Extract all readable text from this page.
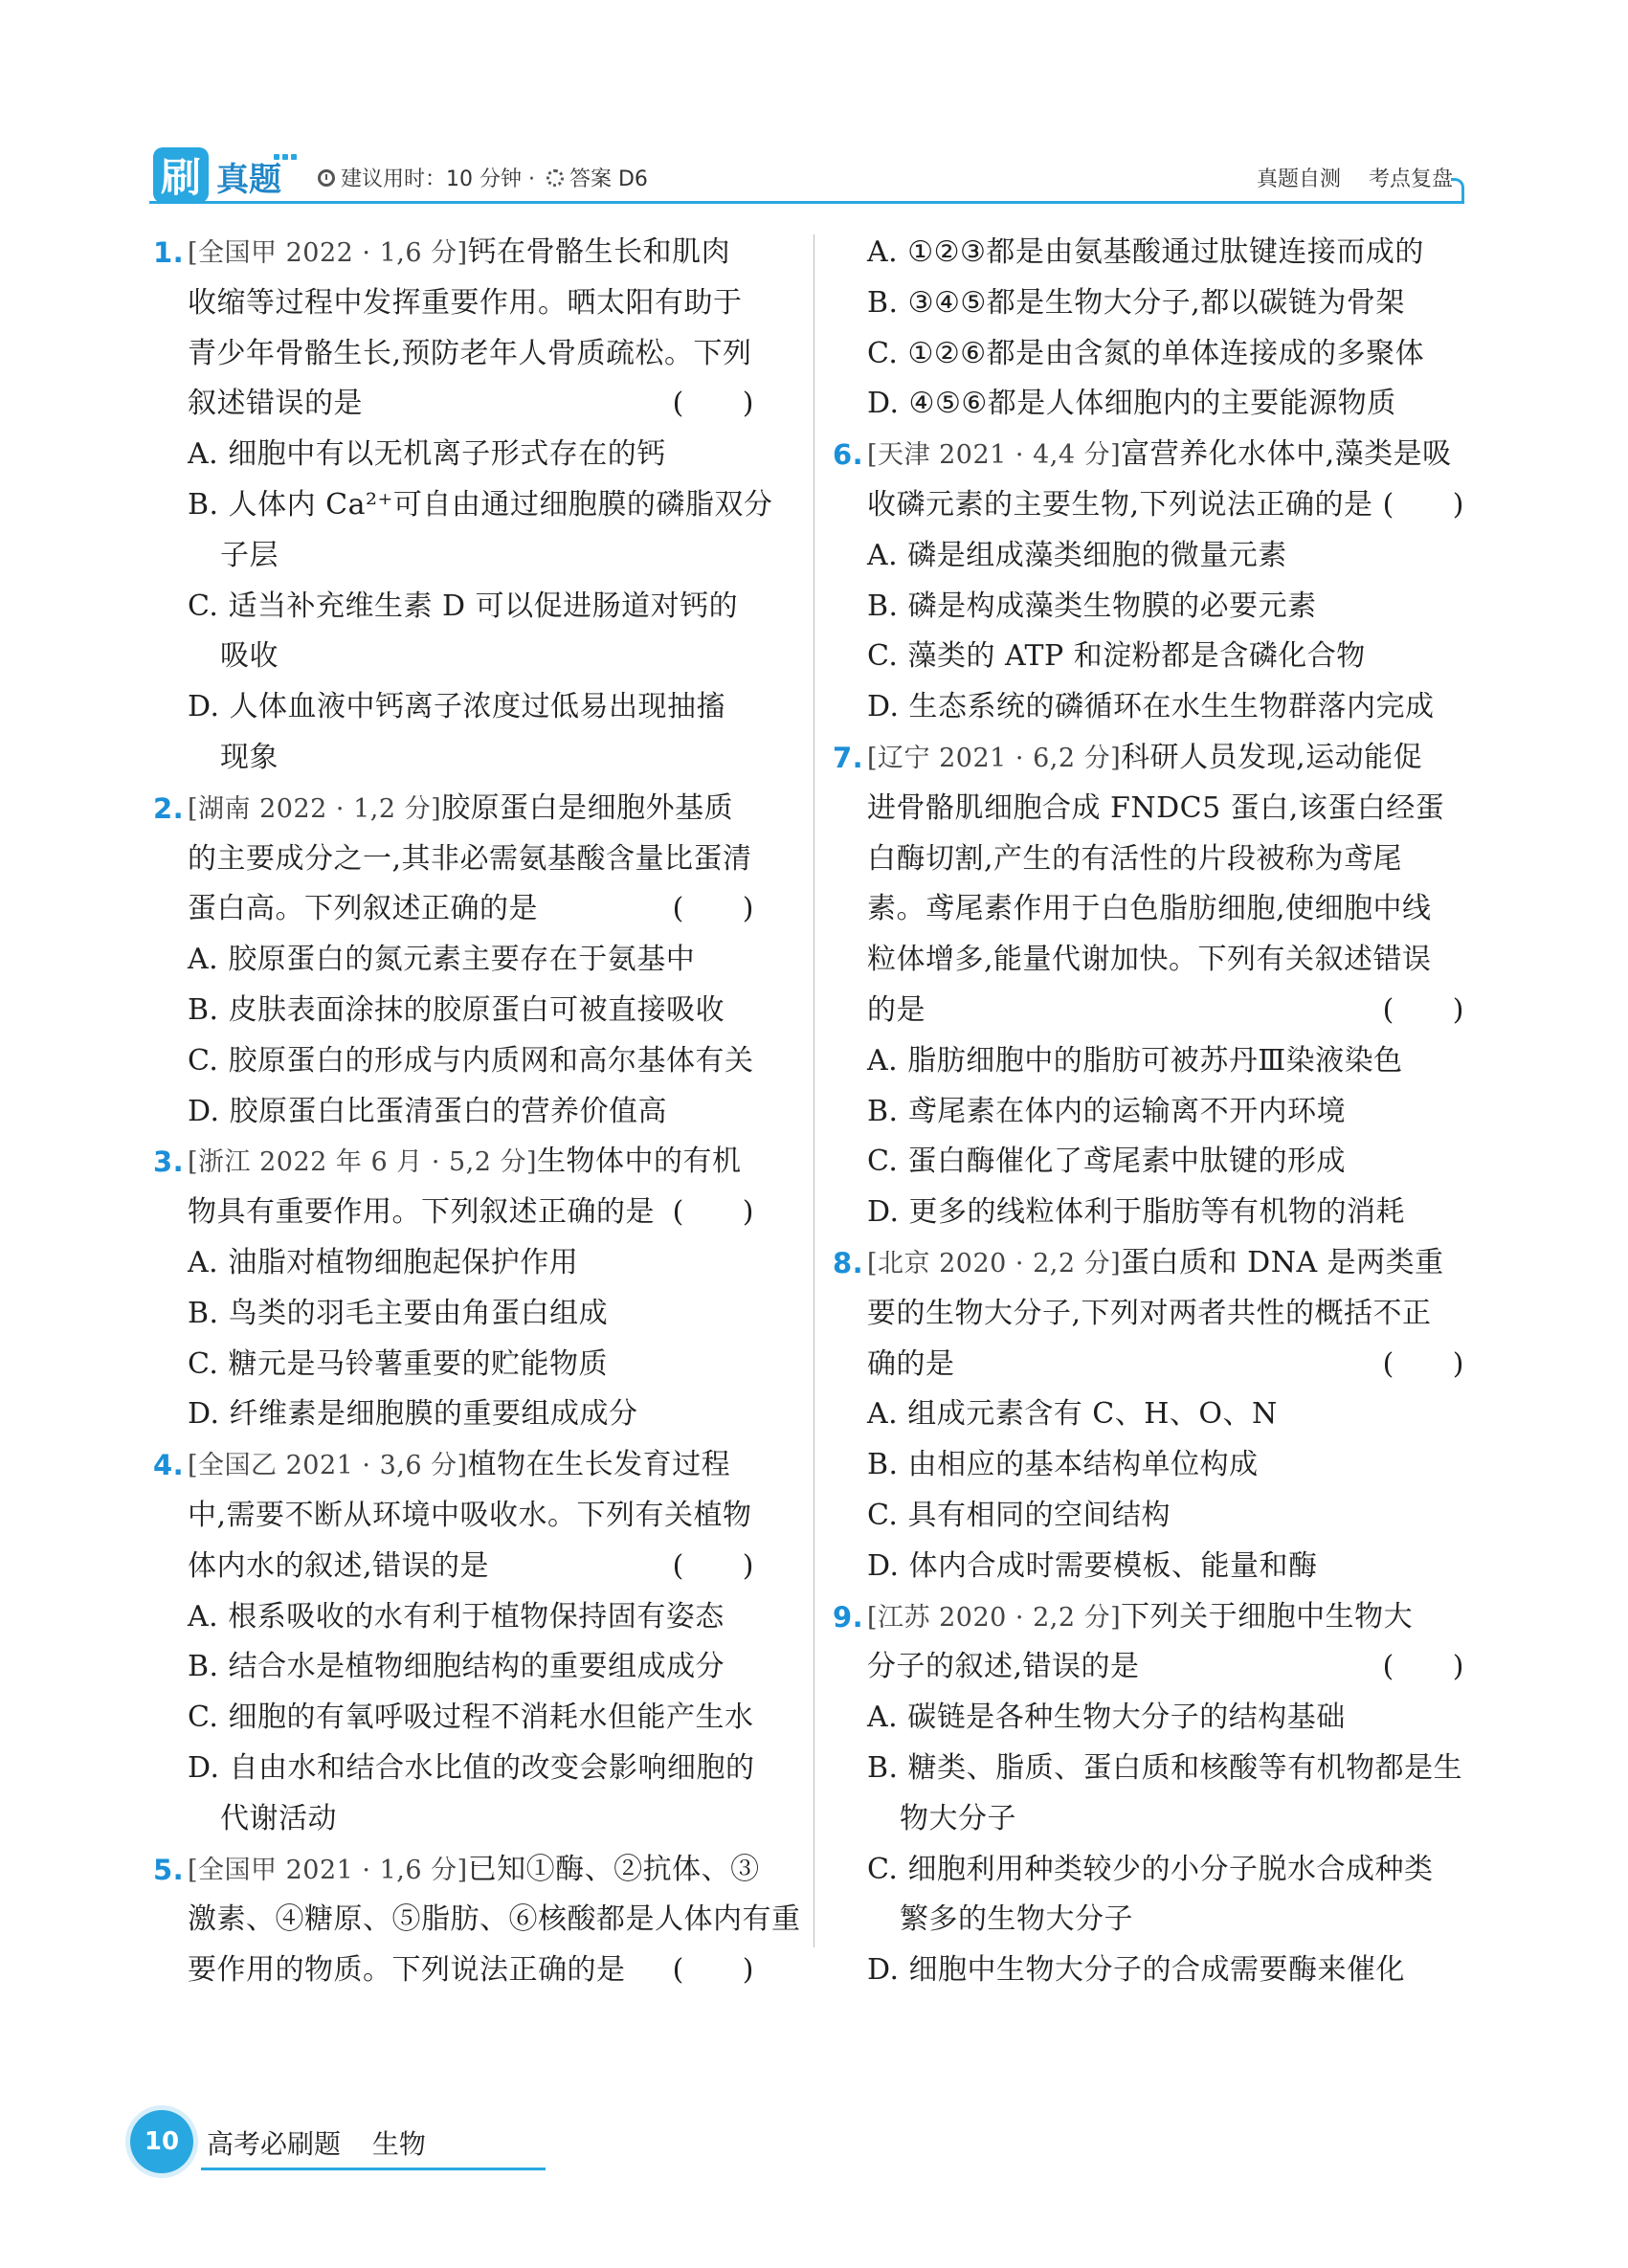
刷 真题	建议用时：10 分钟 · 答案 D6	真题自测 考点复盘
1. [全国甲 2022 · 1,6 分]钙在骨骼生长和肌肉
收缩等过程中发挥重要作用。晒太阳有助于
青少年骨骼生长,预防老年人骨质疏松。下列
叙述错误的是	(　　)
A. 细胞中有以无机离子形式存在的钙
B. 人体内 Ca²⁺可自由通过细胞膜的磷脂双分
子层
C. 适当补充维生素 D 可以促进肠道对钙的
吸收
D. 人体血液中钙离子浓度过低易出现抽搐
现象
2. [湖南 2022 · 1,2 分]胶原蛋白是细胞外基质
的主要成分之一,其非必需氨基酸含量比蛋清
蛋白高。下列叙述正确的是	(　　)
A. 胶原蛋白的氮元素主要存在于氨基中
B. 皮肤表面涂抹的胶原蛋白可被直接吸收
C. 胶原蛋白的形成与内质网和高尔基体有关
D. 胶原蛋白比蛋清蛋白的营养价值高
3. [浙江 2022 年 6 月 · 5,2 分]生物体中的有机
物具有重要作用。下列叙述正确的是 (　　)
A. 油脂对植物细胞起保护作用
B. 鸟类的羽毛主要由角蛋白组成
C. 糖元是马铃薯重要的贮能物质
D. 纤维素是细胞膜的重要组成成分
4. [全国乙 2021 · 3,6 分]植物在生长发育过程
中,需要不断从环境中吸收水。下列有关植物
体内水的叙述,错误的是	(　　)
A. 根系吸收的水有利于植物保持固有姿态
B. 结合水是植物细胞结构的重要组成成分
C. 细胞的有氧呼吸过程不消耗水但能产生水
D. 自由水和结合水比值的改变会影响细胞的
代谢活动
5. [全国甲 2021 · 1,6 分]已知①酶、②抗体、③
激素、④糖原、⑤脂肪、⑥核酸都是人体内有重
要作用的物质。下列说法正确的是 (　　)
A. ①②③都是由氨基酸通过肽键连接而成的
B. ③④⑤都是生物大分子,都以碳链为骨架
C. ①②⑥都是由含氮的单体连接成的多聚体
D. ④⑤⑥都是人体细胞内的主要能源物质
6. [天津 2021 · 4,4 分]富营养化水体中,藻类是吸
收磷元素的主要生物,下列说法正确的是 (　　)
A. 磷是组成藻类细胞的微量元素
B. 磷是构成藻类生物膜的必要元素
C. 藻类的 ATP 和淀粉都是含磷化合物
D. 生态系统的磷循环在水生生物群落内完成
7. [辽宁 2021 · 6,2 分]科研人员发现,运动能促
进骨骼肌细胞合成 FNDC5 蛋白,该蛋白经蛋
白酶切割,产生的有活性的片段被称为鸢尾
素。鸢尾素作用于白色脂肪细胞,使细胞中线
粒体增多,能量代谢加快。下列有关叙述错误
的是	(　　)
A. 脂肪细胞中的脂肪可被苏丹Ⅲ染液染色
B. 鸢尾素在体内的运输离不开内环境
C. 蛋白酶催化了鸢尾素中肽键的形成
D. 更多的线粒体利于脂肪等有机物的消耗
8. [北京 2020 · 2,2 分]蛋白质和 DNA 是两类重
要的生物大分子,下列对两者共性的概括不正
确的是	(　　)
A. 组成元素含有 C、H、O、N
B. 由相应的基本结构单位构成
C. 具有相同的空间结构
D. 体内合成时需要模板、能量和酶
9. [江苏 2020 · 2,2 分]下列关于细胞中生物大
分子的叙述,错误的是	(　　)
A. 碳链是各种生物大分子的结构基础
B. 糖类、脂质、蛋白质和核酸等有机物都是生
物大分子
C. 细胞利用种类较少的小分子脱水合成种类
繁多的生物大分子
D. 细胞中生物大分子的合成需要酶来催化
10	高考必刷题 生物
